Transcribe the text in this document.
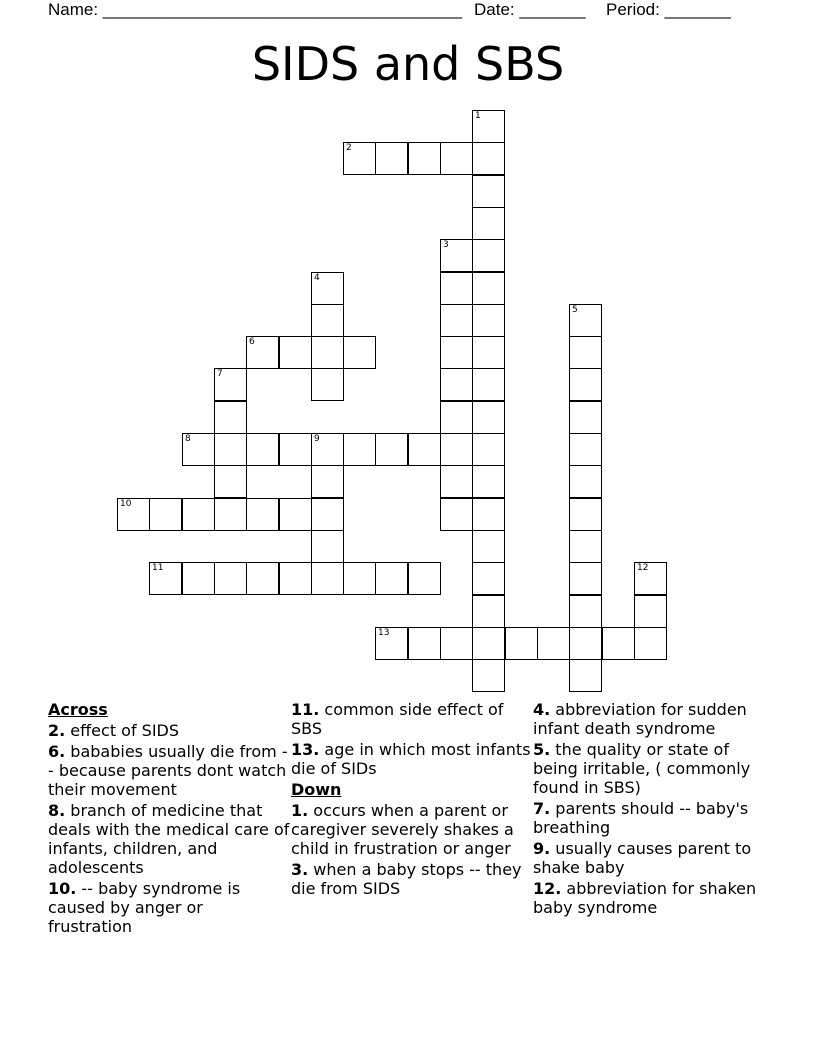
Name: ______________________________________ Date: _______ Period: _______
SIDS and SBS
1
2
3
4
5
6
7
8	9
10
11	12
13
Across
2. effect of SIDS
6. bababies usually die from -- because parents dont watch their movement
8. branch of medicine that deals with the medical care of infants, children, and adolescents
10. -- baby syndrome is caused by anger or frustration
11. common side effect of SBS
13. age in which most infants die of SIDs
Down
1. occurs when a parent or caregiver severely shakes a child in frustration or anger
3. when a baby stops -- they die from SIDS
4. abbreviation for sudden infant death syndrome
5. the quality or state of being irritable, ( commonly found in SBS)
7. parents should -- baby's breathing
9. usually causes parent to shake baby
12. abbreviation for shaken baby syndrome
